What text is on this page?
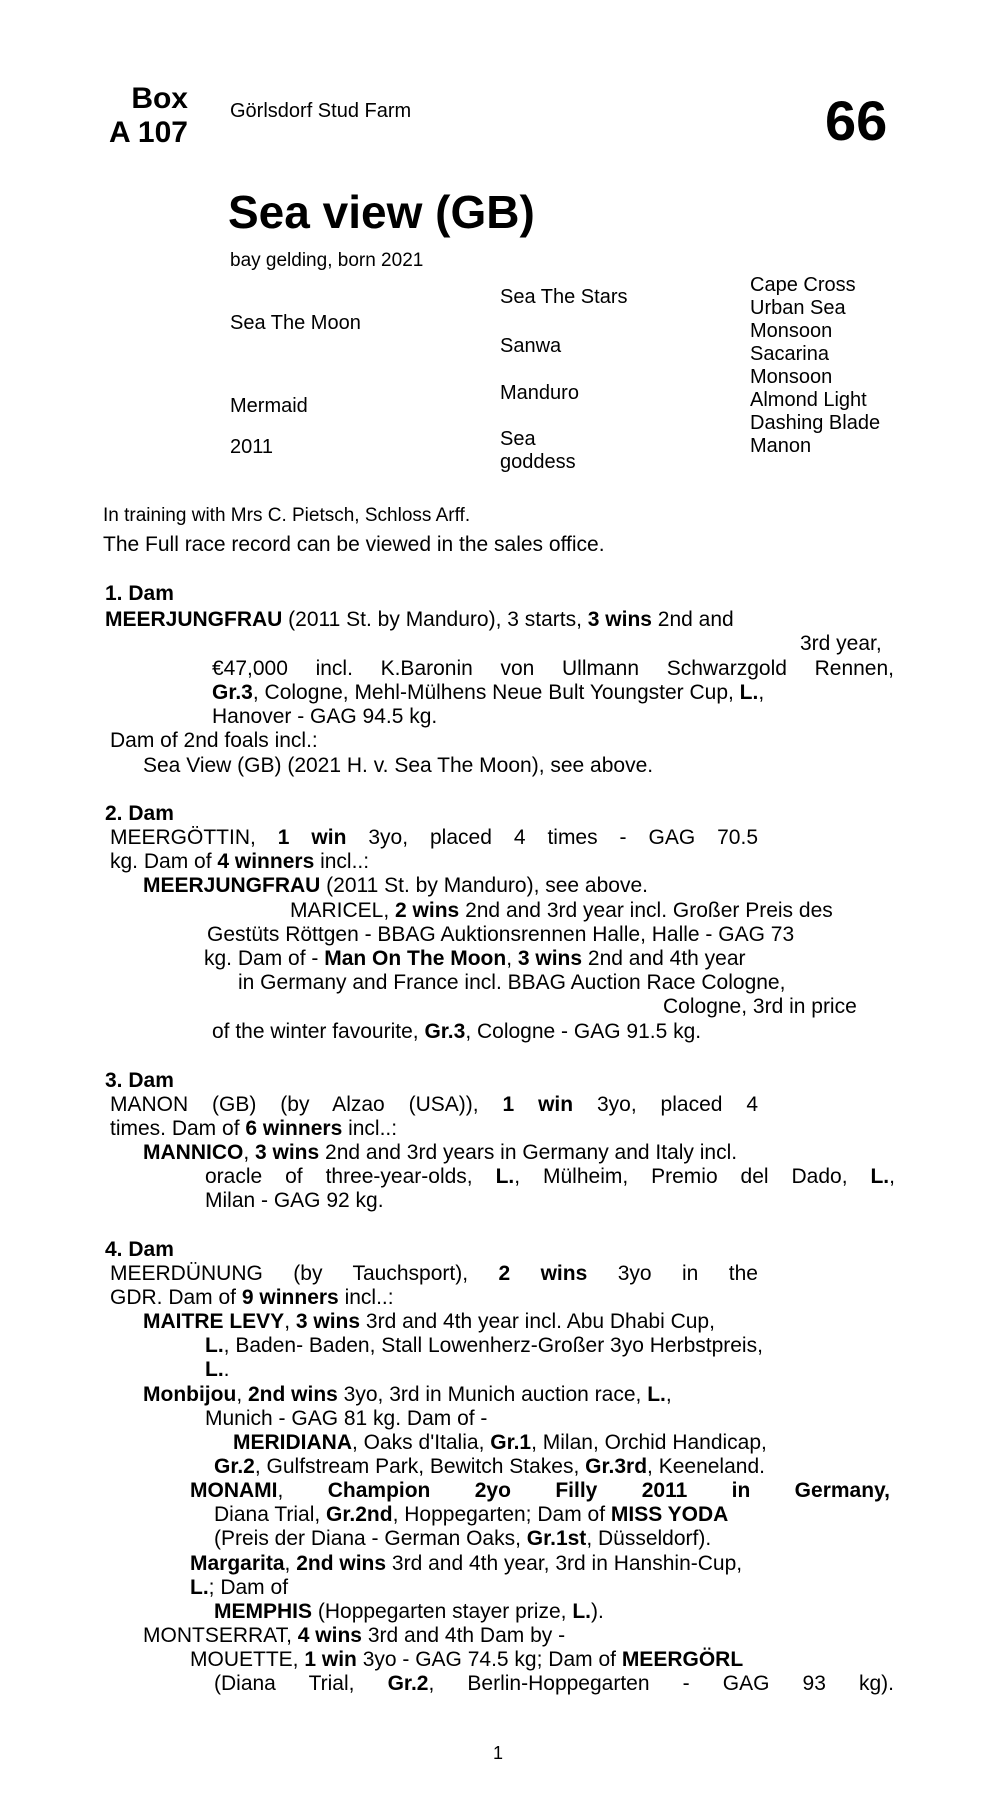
Box
A 107
Görlsdorf Stud Farm	66
Sea view (GB)
bay gelding, born 2021
Sea The Moon
Mermaid
2011
Sea The Stars
Sanwa
Manduro
Sea
goddess
Cape Cross
Urban Sea
Monsoon
Sacarina
Monsoon
Almond Light
Dashing Blade
Manon
In training with Mrs C. Pietsch, Schloss Arff.
The Full race record can be viewed in the sales office.
1. Dam
MEERJUNGFRAU (2011 St. by Manduro), 3 starts, 3 wins 2nd and
3rd year,
€47,000 incl. K.Baronin von Ullmann Schwarzgold Rennen,
Gr.3, Cologne, Mehl-Mülhens Neue Bult Youngster Cup, L.,
Hanover - GAG 94.5 kg.
Dam of 2nd foals incl.:
Sea View (GB) (2021 H. v. Sea The Moon), see above.
2. Dam
MEERGÖTTIN, 1 win 3yo, placed 4 times - GAG 70.5
kg. Dam of 4 winners incl..:
MEERJUNGFRAU (2011 St. by Manduro), see above.
MARICEL, 2 wins 2nd and 3rd year incl. Großer Preis des
Gestüts Röttgen - BBAG Auktionsrennen Halle, Halle - GAG 73
kg. Dam of - Man On The Moon, 3 wins 2nd and 4th year
in Germany and France incl. BBAG Auction Race Cologne,
Cologne, 3rd in price
of the winter favourite, Gr.3, Cologne - GAG 91.5 kg.
3. Dam
MANON (GB) (by Alzao (USA)), 1 win 3yo, placed 4
times. Dam of 6 winners incl..:
MANNICO, 3 wins 2nd and 3rd years in Germany and Italy incl.
oracle of three-year-olds, L., Mülheim, Premio del Dado, L.,
Milan - GAG 92 kg.
4. Dam
MEERDÜNUNG (by Tauchsport), 2 wins 3yo in the
GDR. Dam of 9 winners incl..:
MAITRE LEVY, 3 wins 3rd and 4th year incl. Abu Dhabi Cup,
L., Baden- Baden, Stall Lowenherz-Großer 3yo Herbstpreis,
L..
Monbijou, 2nd wins 3yo, 3rd in Munich auction race, L.,
Munich - GAG 81 kg. Dam of -
MERIDIANA, Oaks d'Italia, Gr.1, Milan, Orchid Handicap,
Gr.2, Gulfstream Park, Bewitch Stakes, Gr.3rd, Keeneland.
MONAMI, Champion 2yo Filly 2011 in Germany,
Diana Trial, Gr.2nd, Hoppegarten; Dam of MISS YODA
(Preis der Diana - German Oaks, Gr.1st, Düsseldorf).
Margarita, 2nd wins 3rd and 4th year, 3rd in Hanshin-Cup,
L.; Dam of
MEMPHIS (Hoppegarten stayer prize, L.).
MONTSERRAT, 4 wins 3rd and 4th Dam by -
MOUETTE, 1 win 3yo - GAG 74.5 kg; Dam of MEERGÖRL
(Diana Trial, Gr.2, Berlin-Hoppegarten - GAG 93 kg).
1
